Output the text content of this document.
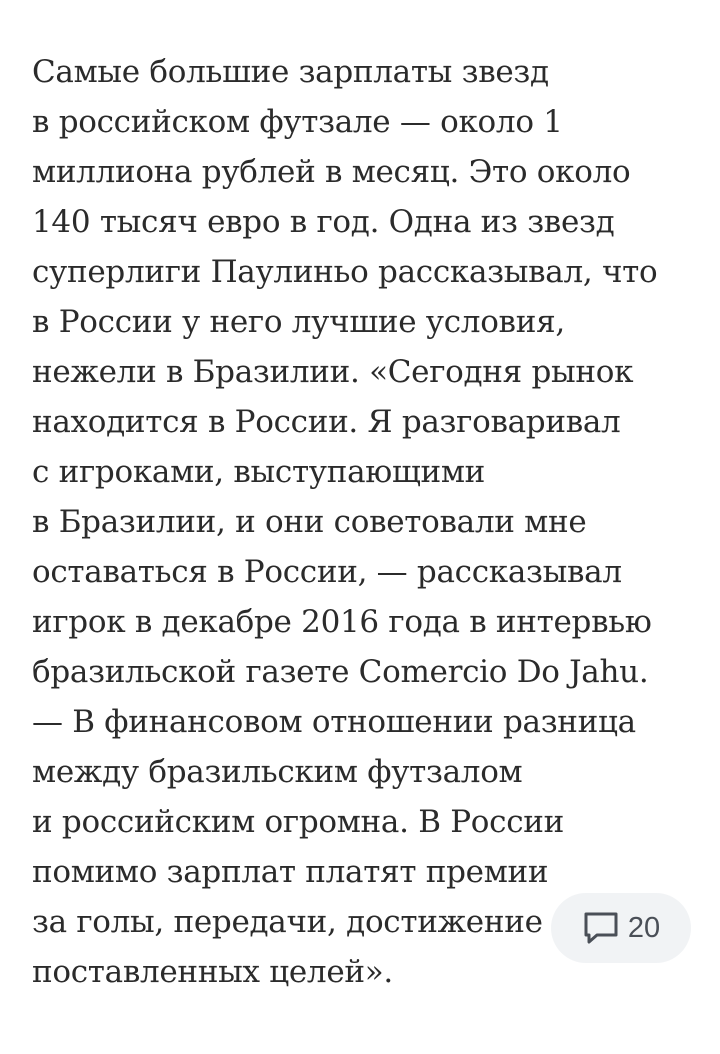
Самые большие зарплаты звезд
в российском футзале — около 1
миллиона рублей в месяц. Это около
140 тысяч евро в год. Одна из звезд
суперлиги Паулиньо рассказывал, что
в России у него лучшие условия,
нежели в Бразилии. «Сегодня рынок
находится в России. Я разговаривал
с игроками, выступающими
в Бразилии, и они советовали мне
оставаться в России, — рассказывал
игрок в декабре 2016 года в интервью
бразильской газете Comercio Do Jahu.
— В финансовом отношении разница
между бразильским футзалом
и российским огромна. В России
помимо зарплат платят премии
за голы, передачи, достижение
поставленных целей».

20
